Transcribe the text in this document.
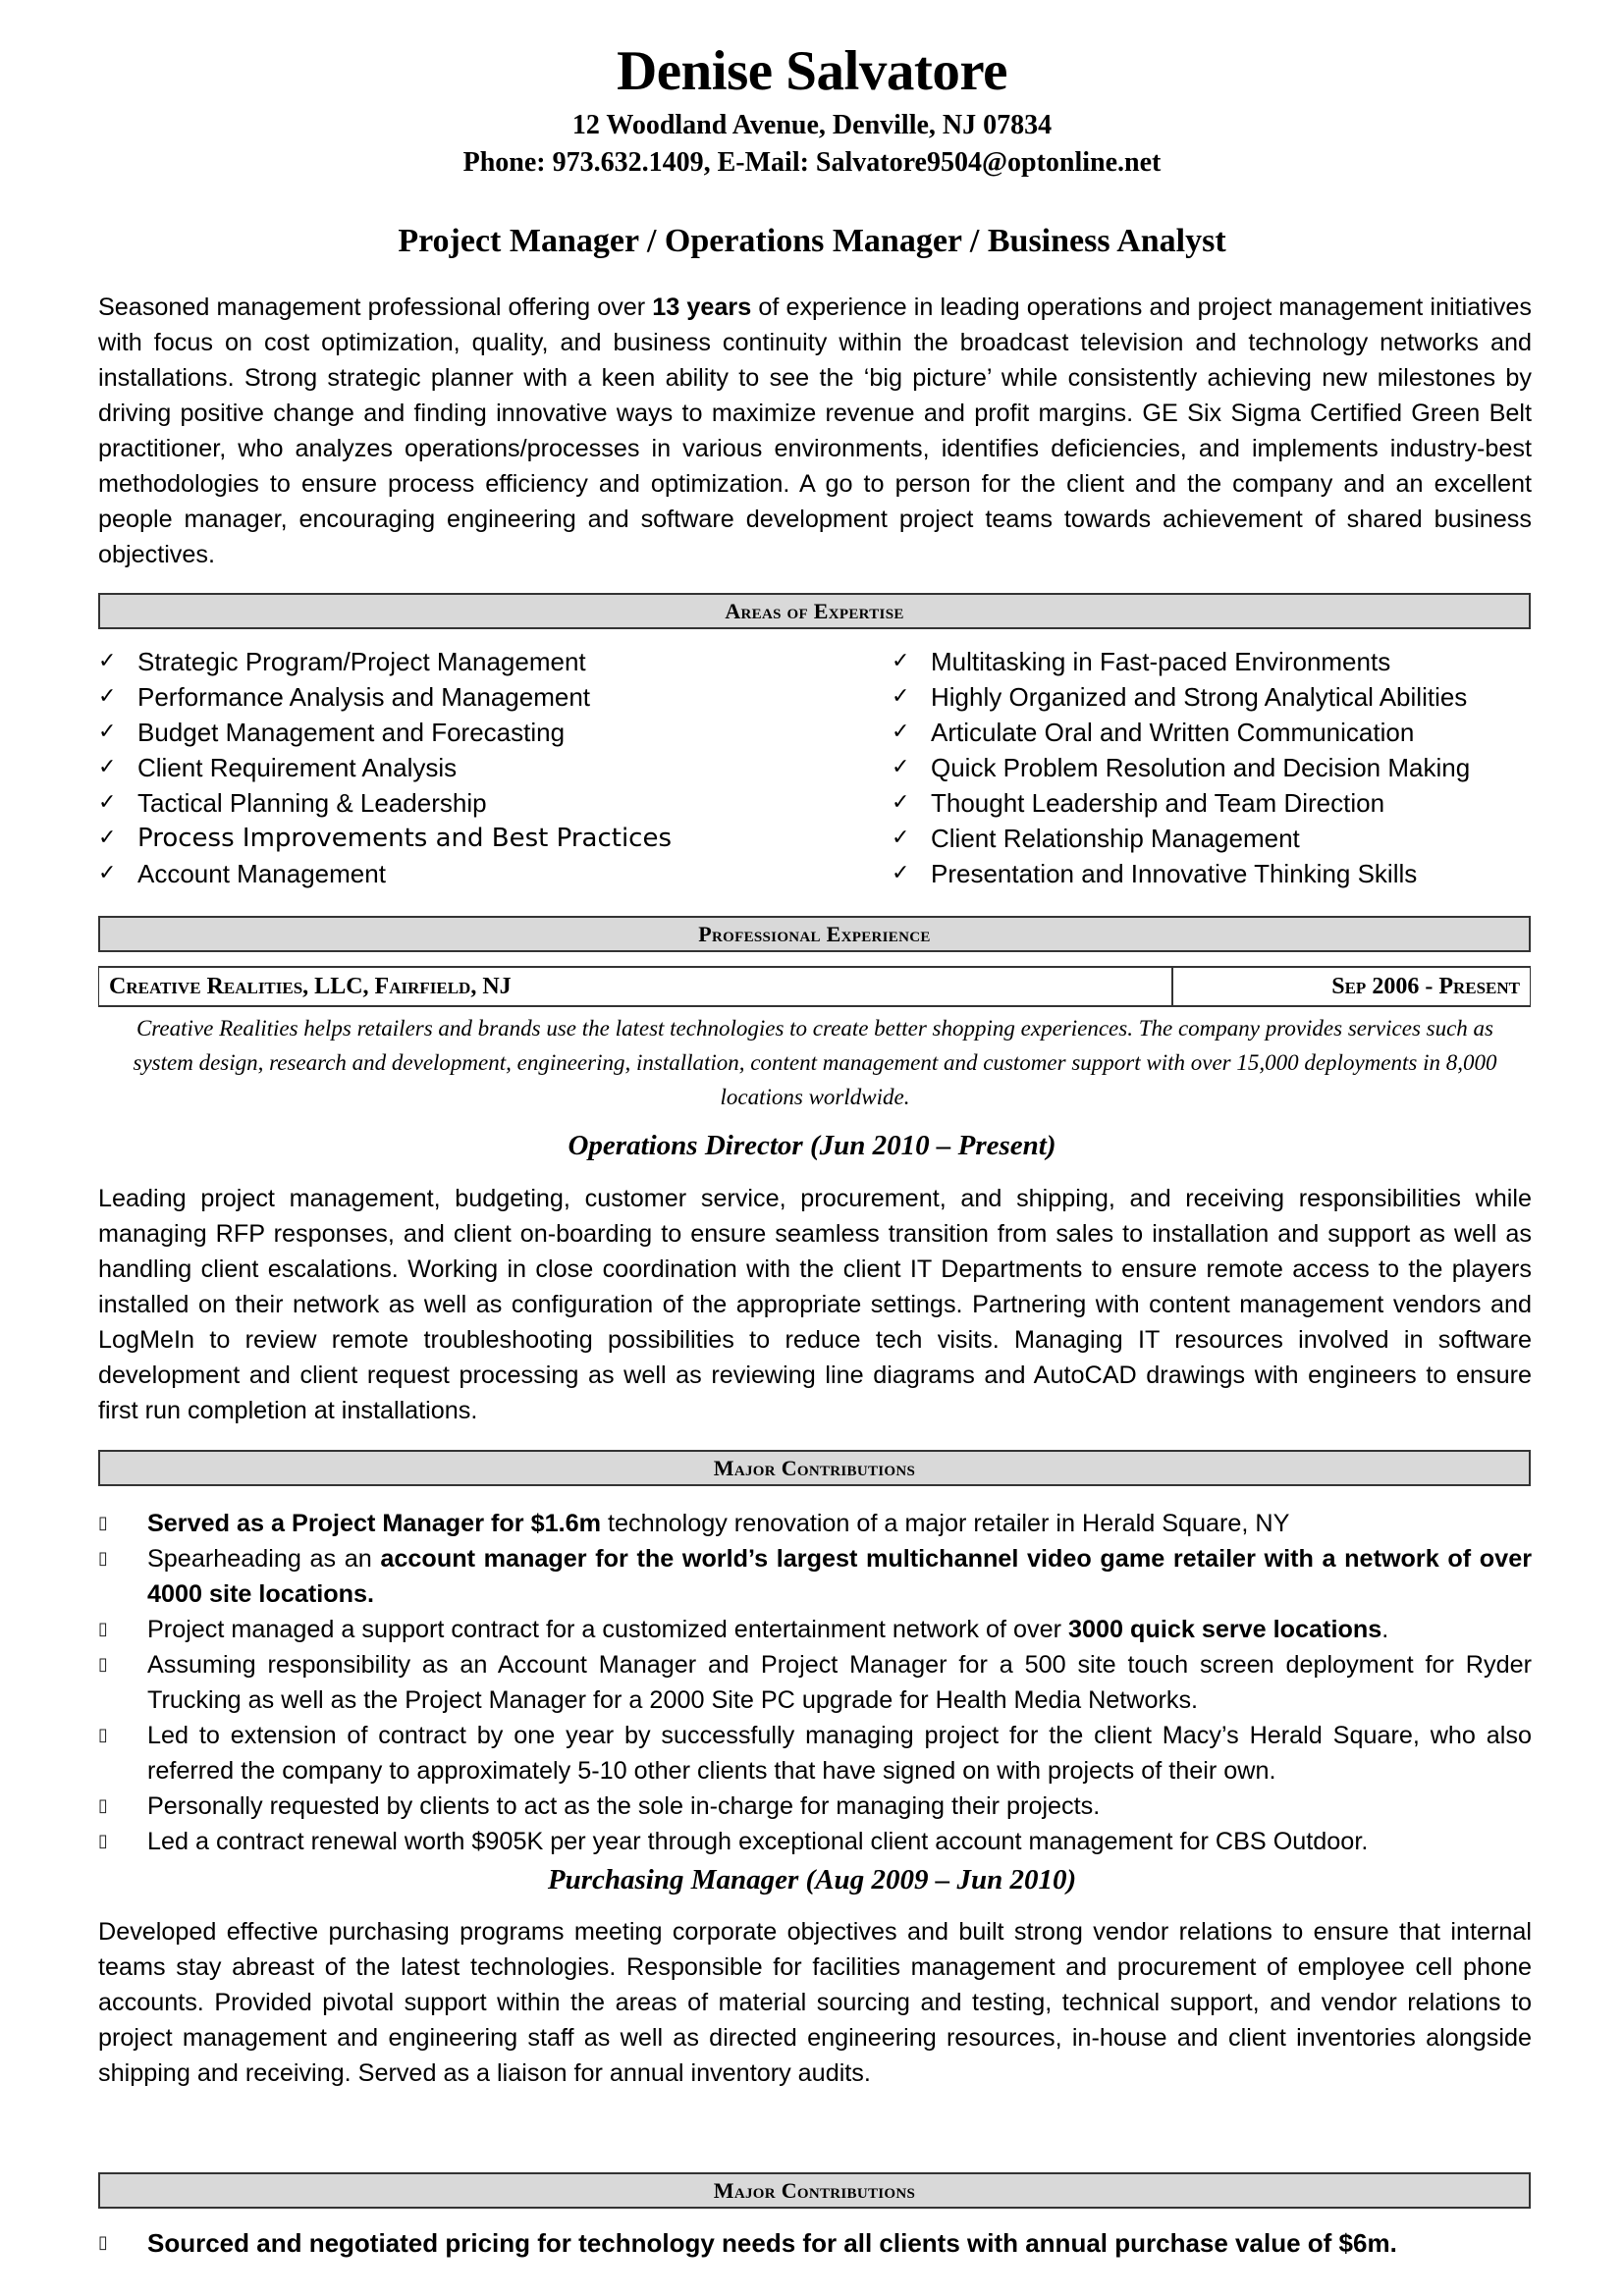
Denise Salvatore
12 Woodland Avenue, Denville, NJ 07834
Phone: 973.632.1409, E-Mail: Salvatore9504@optonline.net
Project Manager / Operations Manager / Business Analyst
Seasoned management professional offering over 13 years of experience in leading operations and project management initiatives with focus on cost optimization, quality, and business continuity within the broadcast television and technology networks and installations. Strong strategic planner with a keen ability to see the ‘big picture’ while consistently achieving new milestones by driving positive change and finding innovative ways to maximize revenue and profit margins. GE Six Sigma Certified Green Belt practitioner, who analyzes operations/processes in various environments, identifies deficiencies, and implements industry-best methodologies to ensure process efficiency and optimization. A go to person for the client and the company and an excellent people manager, encouraging engineering and software development project teams towards achievement of shared business objectives.
Areas of Expertise
✓ Strategic Program/Project Management
✓ Performance Analysis and Management
✓ Budget Management and Forecasting
✓ Client Requirement Analysis
✓ Tactical Planning & Leadership
✓ Process Improvements and Best Practices
✓ Account Management
✓ Multitasking in Fast-paced Environments
✓ Highly Organized and Strong Analytical Abilities
✓ Articulate Oral and Written Communication
✓ Quick Problem Resolution and Decision Making
✓ Thought Leadership and Team Direction
✓ Client Relationship Management
✓ Presentation and Innovative Thinking Skills
Professional Experience
Creative Realities, LLC, Fairfield, NJ	Sep 2006 - Present
Creative Realities helps retailers and brands use the latest technologies to create better shopping experiences. The company provides services such as system design, research and development, engineering, installation, content management and customer support with over 15,000 deployments in 8,000 locations worldwide.
Operations Director (Jun 2010 – Present)
Leading project management, budgeting, customer service, procurement, and shipping, and receiving responsibilities while managing RFP responses, and client on-boarding to ensure seamless transition from sales to installation and support as well as handling client escalations. Working in close coordination with the client IT Departments to ensure remote access to the players installed on their network as well as configuration of the appropriate settings. Partnering with content management vendors and LogMeIn to review remote troubleshooting possibilities to reduce tech visits. Managing IT resources involved in software development and client request processing as well as reviewing line diagrams and AutoCAD drawings with engineers to ensure first run completion at installations.
Major Contributions
▯	Served as a Project Manager for $1.6m technology renovation of a major retailer in Herald Square, NY
▯	Spearheading as an account manager for the world’s largest multichannel video game retailer with a network of over 4000 site locations.
▯	Project managed a support contract for a customized entertainment network of over 3000 quick serve locations.
▯	Assuming responsibility as an Account Manager and Project Manager for a 500 site touch screen deployment for Ryder Trucking as well as the Project Manager for a 2000 Site PC upgrade for Health Media Networks.
▯	Led to extension of contract by one year by successfully managing project for the client Macy’s Herald Square, who also referred the company to approximately 5-10 other clients that have signed on with projects of their own.
▯	Personally requested by clients to act as the sole in-charge for managing their projects.
▯	Led a contract renewal worth $905K per year through exceptional client account management for CBS Outdoor.
Purchasing Manager (Aug 2009 – Jun 2010)
Developed effective purchasing programs meeting corporate objectives and built strong vendor relations to ensure that internal teams stay abreast of the latest technologies. Responsible for facilities management and procurement of employee cell phone accounts. Provided pivotal support within the areas of material sourcing and testing, technical support, and vendor relations to project management and engineering staff as well as directed engineering resources, in-house and client inventories alongside shipping and receiving. Served as a liaison for annual inventory audits.
Major Contributions
▯	Sourced and negotiated pricing for technology needs for all clients with annual purchase value of $6m.
